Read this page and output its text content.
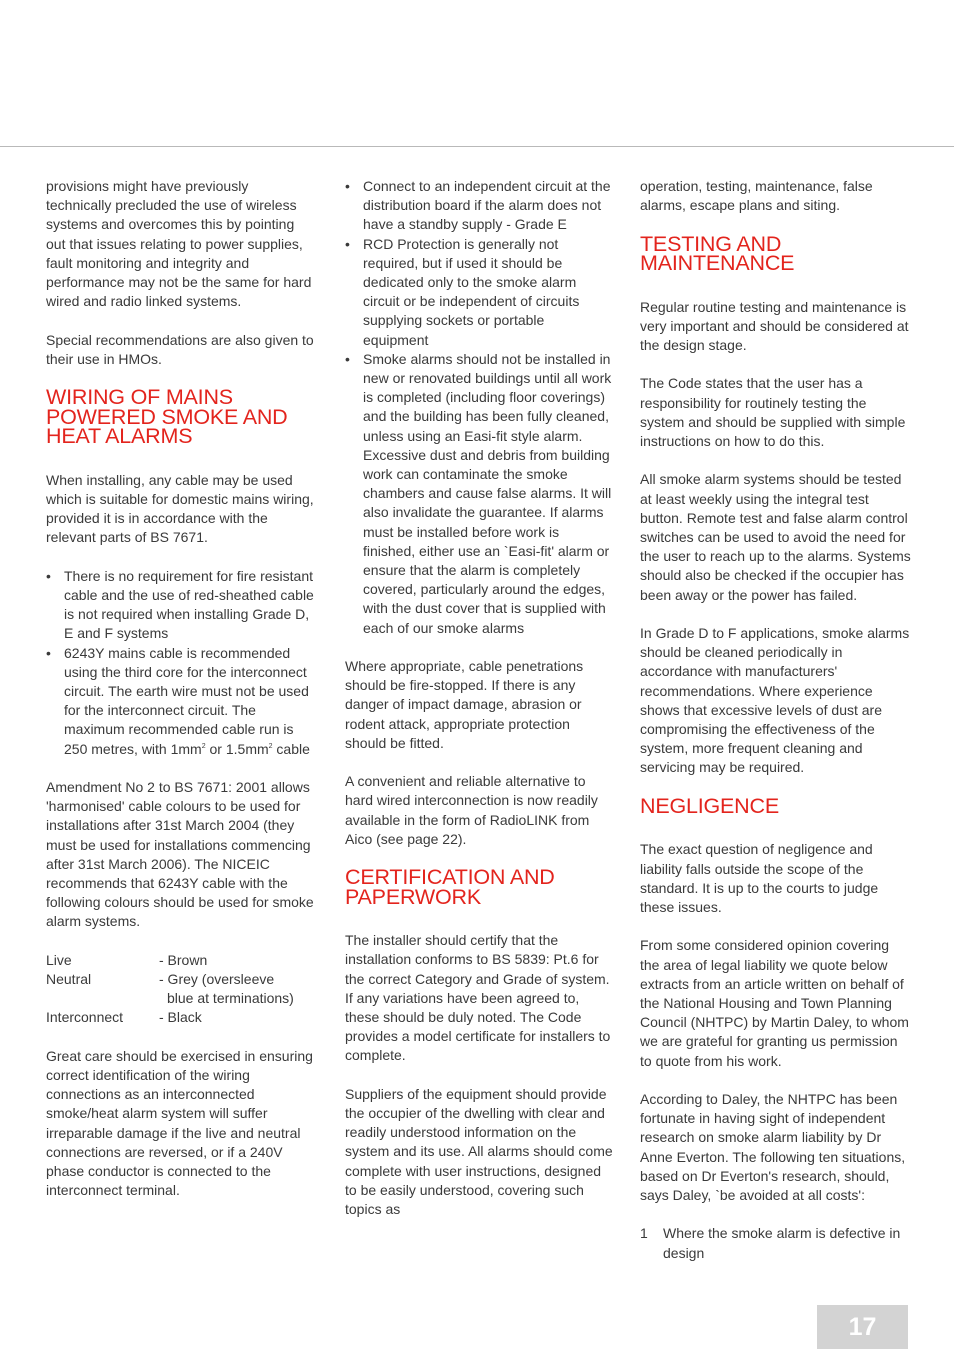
provisions might have previously technically precluded the use of wireless systems and overcomes this by pointing out that issues relating to power supplies, fault monitoring and integrity and performance may not be the same for hard wired and radio linked systems.

Special recommendations are also given to their use in HMOs.

WIRING OF MAINS
POWERED SMOKE AND
HEAT ALARMS

When installing, any cable may be used which is suitable for domestic mains wiring, provided it is in accordance with the relevant parts of BS 7671.

• There is no requirement for fire resistant cable and the use of red-sheathed cable is not required when installing Grade D, E and F systems
• 6243Y mains cable is recommended using the third core for the interconnect circuit. The earth wire must not be used for the interconnect circuit. The maximum recommended cable run is 250 metres, with $1mm^2$ or $1.5mm^2$ cable

Amendment No 2 to BS 7671: 2001 allows 'harmonised' cable colours to be used for installations after 31st March 2004 (they must be used for installations commencing after 31st March 2006). The NICEIC recommends that 6243Y cable with the following colours should be used for smoke alarm systems.

Live	- Brown
Neutral	- Grey (oversleeve
blue at terminations)
Interconnect	- Black

Great care should be exercised in ensuring correct identification of the wiring connections as an interconnected smoke/heat alarm system will suffer irreparable damage if the live and neutral connections are reversed, or if a 240V phase conductor is connected to the interconnect terminal.

• Connect to an independent circuit at the distribution board if the alarm does not have a standby supply - Grade E
• RCD Protection is generally not required, but if used it should be dedicated only to the smoke alarm circuit or be independent of circuits supplying sockets or portable equipment
• Smoke alarms should not be installed in new or renovated buildings until all work is completed (including floor coverings) and the building has been fully cleaned, unless using an Easi-fit style alarm. Excessive dust and debris from building work can contaminate the smoke chambers and cause false alarms. It will also invalidate the guarantee. If alarms must be installed before work is finished, either use an `Easi-fit' alarm or ensure that the alarm is completely covered, particularly around the edges, with the dust cover that is supplied with each of our smoke alarms

Where appropriate, cable penetrations should be fire-stopped. If there is any danger of impact damage, abrasion or rodent attack, appropriate protection should be fitted.

A convenient and reliable alternative to hard wired interconnection is now readily available in the form of RadioLINK from Aico (see page 22).

CERTIFICATION AND
PAPERWORK

The installer should certify that the installation conforms to BS 5839: Pt.6 for the correct Category and Grade of system. If any variations have been agreed to, these should be duly noted. The Code provides a model certificate for installers to complete.

Suppliers of the equipment should provide the occupier of the dwelling with clear and readily understood information on the system and its use. All alarms should come complete with user instructions, designed to be easily understood, covering such topics as

operation, testing, maintenance, false alarms, escape plans and siting.

TESTING AND MAINTENANCE

Regular routine testing and maintenance is very important and should be considered at the design stage.

The Code states that the user has a responsibility for routinely testing the system and should be supplied with simple instructions on how to do this.

All smoke alarm systems should be tested at least weekly using the integral test button. Remote test and false alarm control switches can be used to avoid the need for the user to reach up to the alarms. Systems should also be checked if the occupier has been away or the power has failed.

In Grade D to F applications, smoke alarms should be cleaned periodically in accordance with manufacturers' recommendations. Where experience shows that excessive levels of dust are compromising the effectiveness of the system, more frequent cleaning and servicing may be required.

NEGLIGENCE

The exact question of negligence and liability falls outside the scope of the standard. It is up to the courts to judge these issues.

From some considered opinion covering the area of legal liability we quote below extracts from an article written on behalf of the National Housing and Town Planning Council (NHTPC) by Martin Daley, to whom we are grateful for granting us permission to quote from his work.

According to Daley, the NHTPC has been fortunate in having sight of independent research on smoke alarm liability by Dr Anne Everton. The following ten situations, based on Dr Everton's research, should, says Daley, `be avoided at all costs':

1 Where the smoke alarm is defective in design
17
